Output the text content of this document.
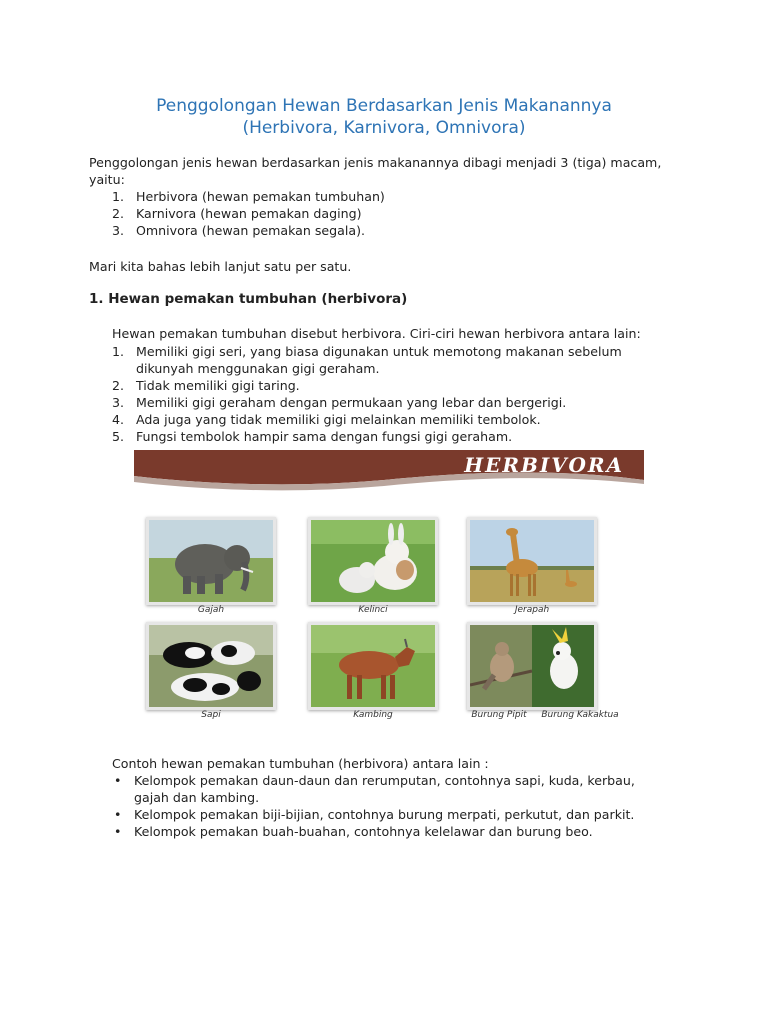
Penggolongan Hewan Berdasarkan Jenis Makanannya
(Herbivora, Karnivora, Omnivora)
Penggolongan jenis hewan berdasarkan jenis makanannya dibagi menjadi 3 (tiga) macam, yaitu:
1. Herbivora (hewan pemakan tumbuhan)
2. Karnivora (hewan pemakan daging)
3. Omnivora (hewan pemakan segala).
Mari kita bahas lebih lanjut satu per satu.
1. Hewan pemakan tumbuhan (herbivora)
Hewan pemakan tumbuhan disebut herbivora. Ciri-ciri hewan herbivora antara lain:
1. Memiliki gigi seri, yang biasa digunakan untuk memotong makanan sebelum dikunyah menggunakan gigi geraham.
2. Tidak memiliki gigi taring.
3. Memiliki gigi geraham dengan permukaan yang lebar dan bergerigi.
4. Ada juga yang tidak memiliki gigi melainkan memiliki tembolok.
5. Fungsi tembolok hampir sama dengan fungsi gigi geraham.
HERBIVORA
Gajah	Kelinci	Jerapah
Sapi	Kambing	Burung Pipit	Burung Kakaktua
Contoh hewan pemakan tumbuhan (herbivora) antara lain :
• Kelompok pemakan daun-daun dan rerumputan, contohnya sapi, kuda, kerbau, gajah dan kambing.
• Kelompok pemakan biji-bijian, contohnya burung merpati, perkutut, dan parkit.
• Kelompok pemakan buah-buahan, contohnya kelelawar dan burung beo.
